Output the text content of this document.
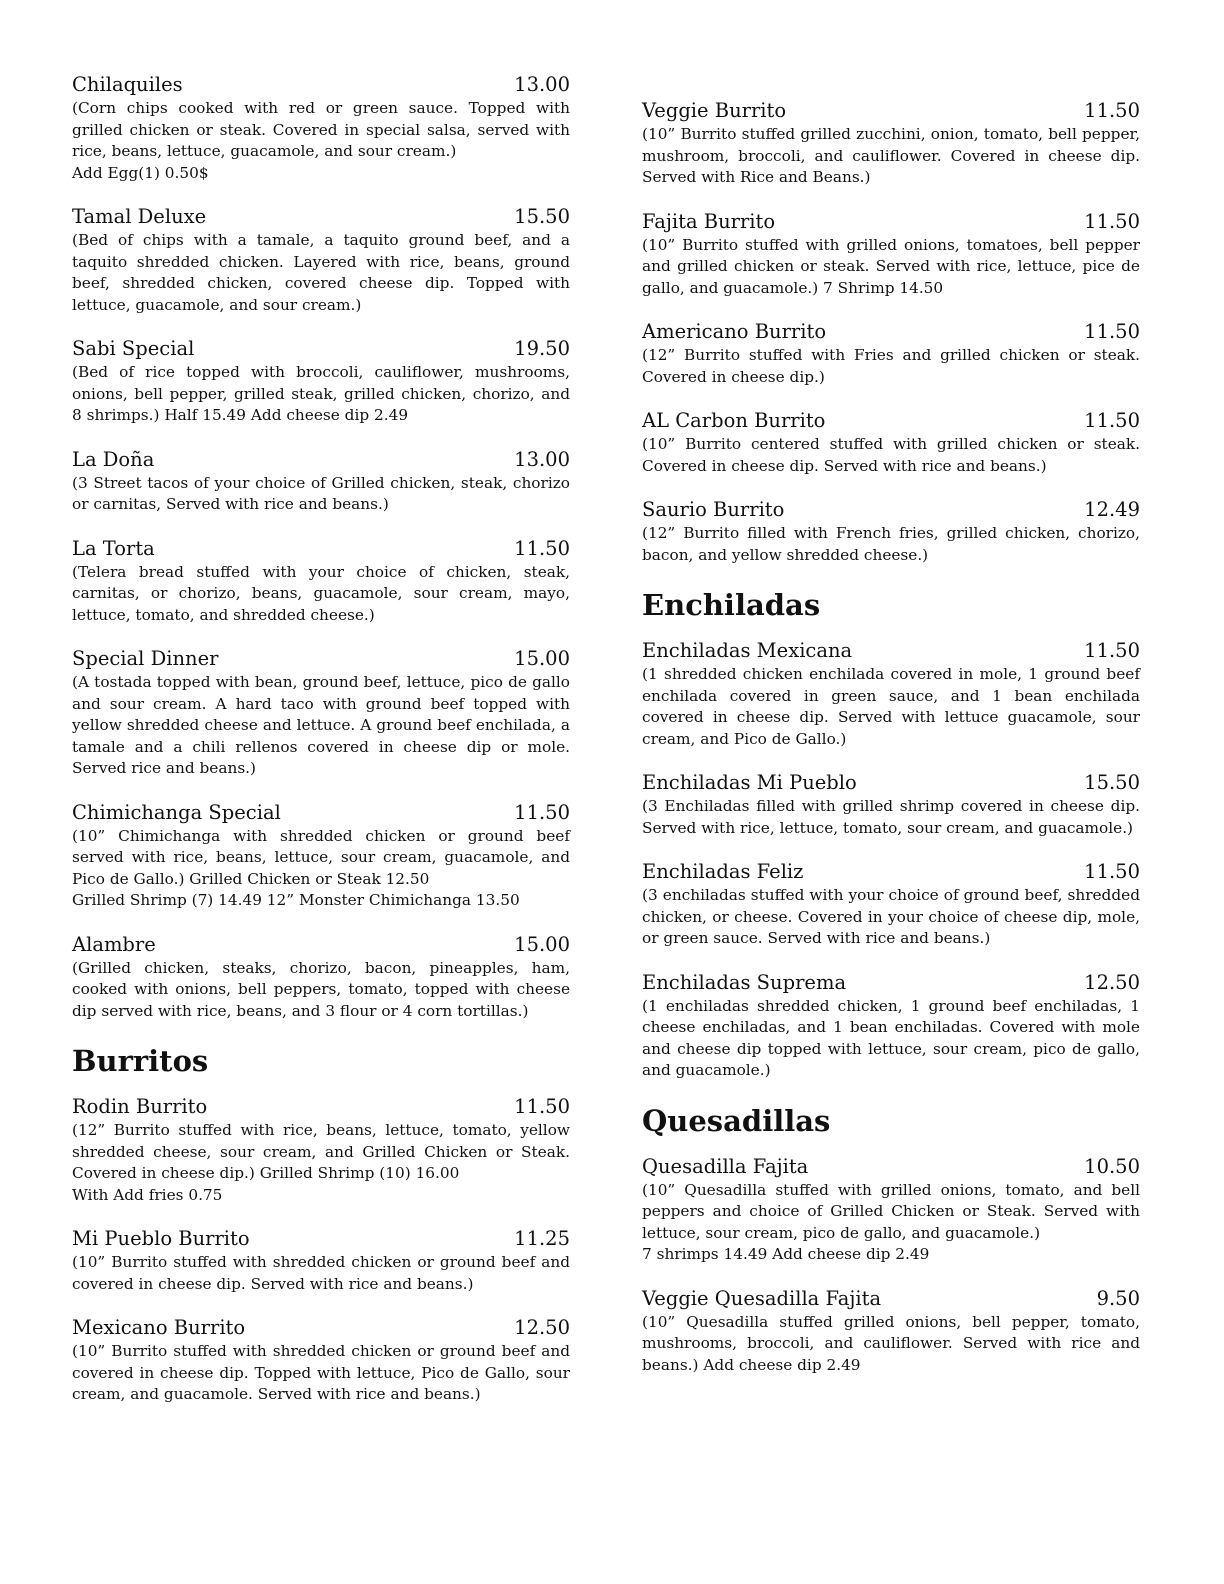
Chilaquiles	13.00
(Corn chips cooked with red or green sauce. Topped with grilled chicken or steak. Covered in special salsa, served with rice, beans, lettuce, guacamole, and sour cream.)
Add Egg(1) 0.50$
Tamal Deluxe	15.50
(Bed of chips with a tamale, a taquito ground beef, and a taquito shredded chicken. Layered with rice, beans, ground beef, shredded chicken, covered cheese dip. Topped with lettuce, guacamole, and sour cream.)
Sabi Special	19.50
(Bed of rice topped with broccoli, cauliflower, mushrooms, onions, bell pepper, grilled steak, grilled chicken, chorizo, and 8 shrimps.) Half 15.49 Add cheese dip 2.49
La Doña	13.00
(3 Street tacos of your choice of Grilled chicken, steak, chorizo or carnitas, Served with rice and beans.)
La Torta	11.50
(Telera bread stuffed with your choice of chicken, steak, carnitas, or chorizo, beans, guacamole, sour cream, mayo, lettuce, tomato, and shredded cheese.)
Special Dinner	15.00
(A tostada topped with bean, ground beef, lettuce, pico de gallo and sour cream. A hard taco with ground beef topped with yellow shredded cheese and lettuce. A ground beef enchilada, a tamale and a chili rellenos covered in cheese dip or mole. Served rice and beans.)
Chimichanga Special	11.50
(10” Chimichanga with shredded chicken or ground beef served with rice, beans, lettuce, sour cream, guacamole, and Pico de Gallo.) Grilled Chicken or Steak 12.50
Grilled Shrimp (7) 14.49 12” Monster Chimichanga 13.50
Alambre	15.00
(Grilled chicken, steaks, chorizo, bacon, pineapples, ham, cooked with onions, bell peppers, tomato, topped with cheese dip served with rice, beans, and 3 flour or 4 corn tortillas.)
Burritos
Rodin Burrito	11.50
(12” Burrito stuffed with rice, beans, lettuce, tomato, yellow shredded cheese, sour cream, and Grilled Chicken or Steak. Covered in cheese dip.) Grilled Shrimp (10) 16.00
With Add fries 0.75
Mi Pueblo Burrito	11.25
(10” Burrito stuffed with shredded chicken or ground beef and covered in cheese dip. Served with rice and beans.)
Mexicano Burrito	12.50
(10” Burrito stuffed with shredded chicken or ground beef and covered in cheese dip. Topped with lettuce, Pico de Gallo, sour cream, and guacamole. Served with rice and beans.)
Veggie Burrito	11.50
(10” Burrito stuffed grilled zucchini, onion, tomato, bell pepper, mushroom, broccoli, and cauliflower. Covered in cheese dip. Served with Rice and Beans.)
Fajita Burrito	11.50
(10” Burrito stuffed with grilled onions, tomatoes, bell pepper and grilled chicken or steak. Served with rice, lettuce, pice de gallo, and guacamole.) 7 Shrimp 14.50
Americano Burrito	11.50
(12” Burrito stuffed with Fries and grilled chicken or steak. Covered in cheese dip.)
AL Carbon Burrito	11.50
(10” Burrito centered stuffed with grilled chicken or steak. Covered in cheese dip. Served with rice and beans.)
Saurio Burrito	12.49
(12” Burrito filled with French fries, grilled chicken, chorizo, bacon, and yellow shredded cheese.)
Enchiladas
Enchiladas Mexicana	11.50
(1 shredded chicken enchilada covered in mole, 1 ground beef enchilada covered in green sauce, and 1 bean enchilada covered in cheese dip. Served with lettuce guacamole, sour cream, and Pico de Gallo.)
Enchiladas Mi Pueblo	15.50
(3 Enchiladas filled with grilled shrimp covered in cheese dip. Served with rice, lettuce, tomato, sour cream, and guacamole.)
Enchiladas Feliz	11.50
(3 enchiladas stuffed with your choice of ground beef, shredded chicken, or cheese. Covered in your choice of cheese dip, mole, or green sauce. Served with rice and beans.)
Enchiladas Suprema	12.50
(1 enchiladas shredded chicken, 1 ground beef enchiladas, 1 cheese enchiladas, and 1 bean enchiladas. Covered with mole and cheese dip topped with lettuce, sour cream, pico de gallo, and guacamole.)
Quesadillas
Quesadilla Fajita	10.50
(10” Quesadilla stuffed with grilled onions, tomato, and bell peppers and choice of Grilled Chicken or Steak. Served with lettuce, sour cream, pico de gallo, and guacamole.)
7 shrimps 14.49 Add cheese dip 2.49
Veggie Quesadilla Fajita	9.50
(10” Quesadilla stuffed grilled onions, bell pepper, tomato, mushrooms, broccoli, and cauliflower. Served with rice and beans.) Add cheese dip 2.49
